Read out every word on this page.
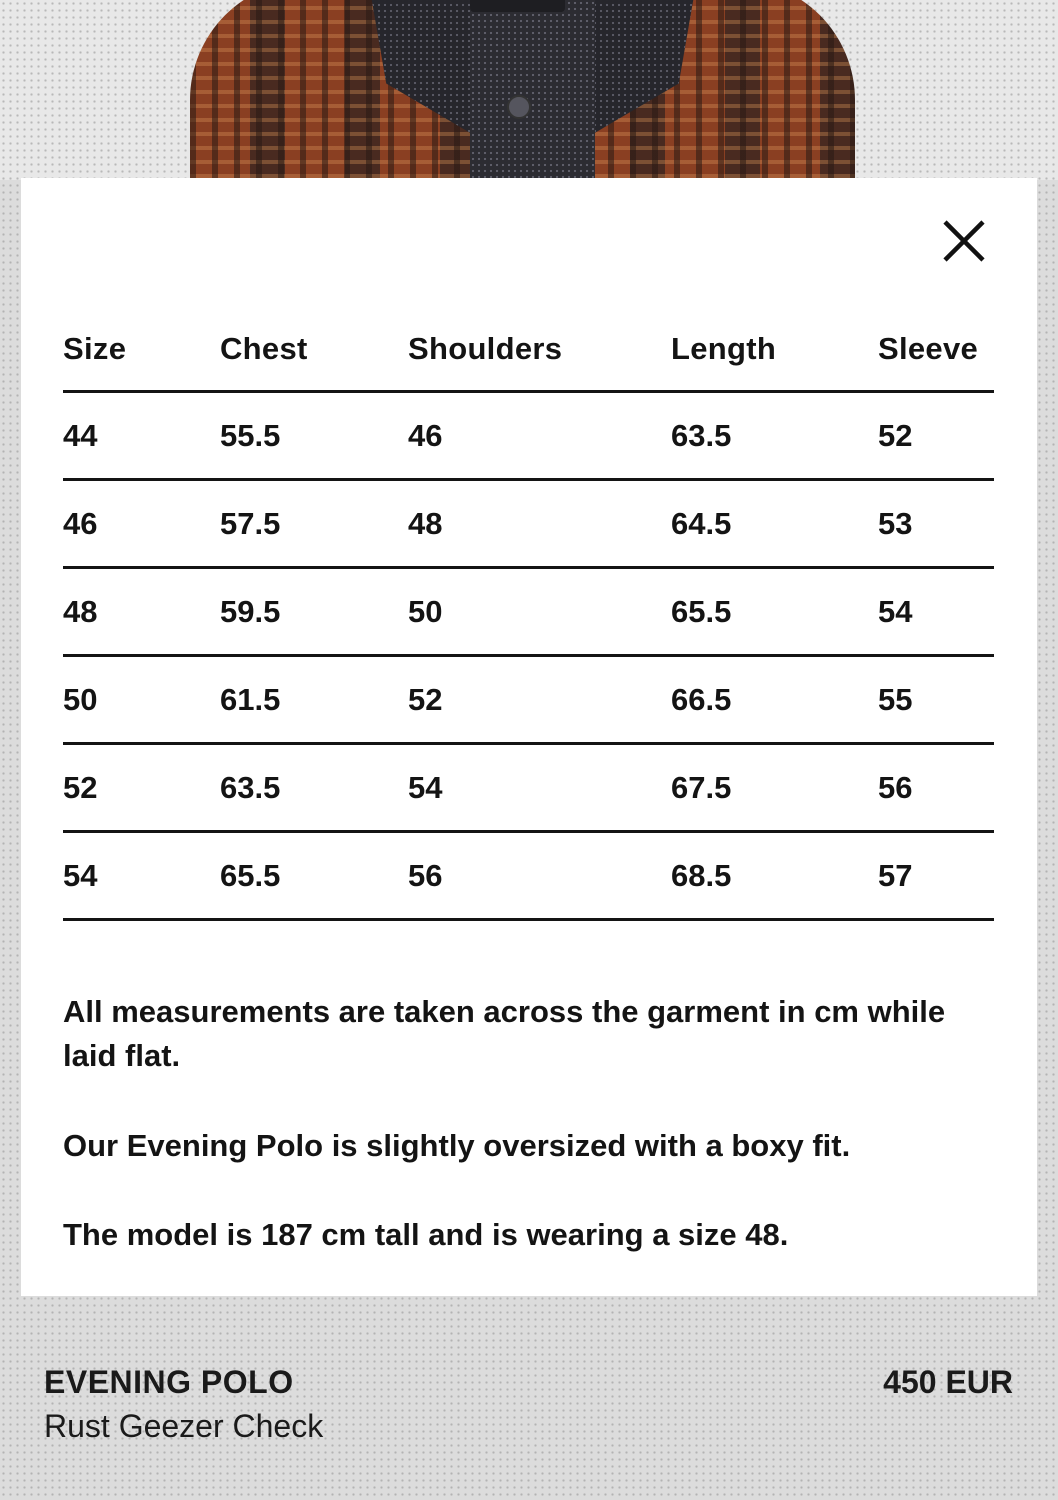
Size	Chest	Shoulders	Length	Sleeve
44	55.5	46	63.5	52
46	57.5	48	64.5	53
48	59.5	50	65.5	54
50	61.5	52	66.5	55
52	63.5	54	67.5	56
54	65.5	56	68.5	57

All measurements are taken across the garment in cm while laid flat.

Our Evening Polo is slightly oversized with a boxy fit.

The model is 187 cm tall and is wearing a size 48.

EVENING POLO
Rust Geezer Check
450 EUR
